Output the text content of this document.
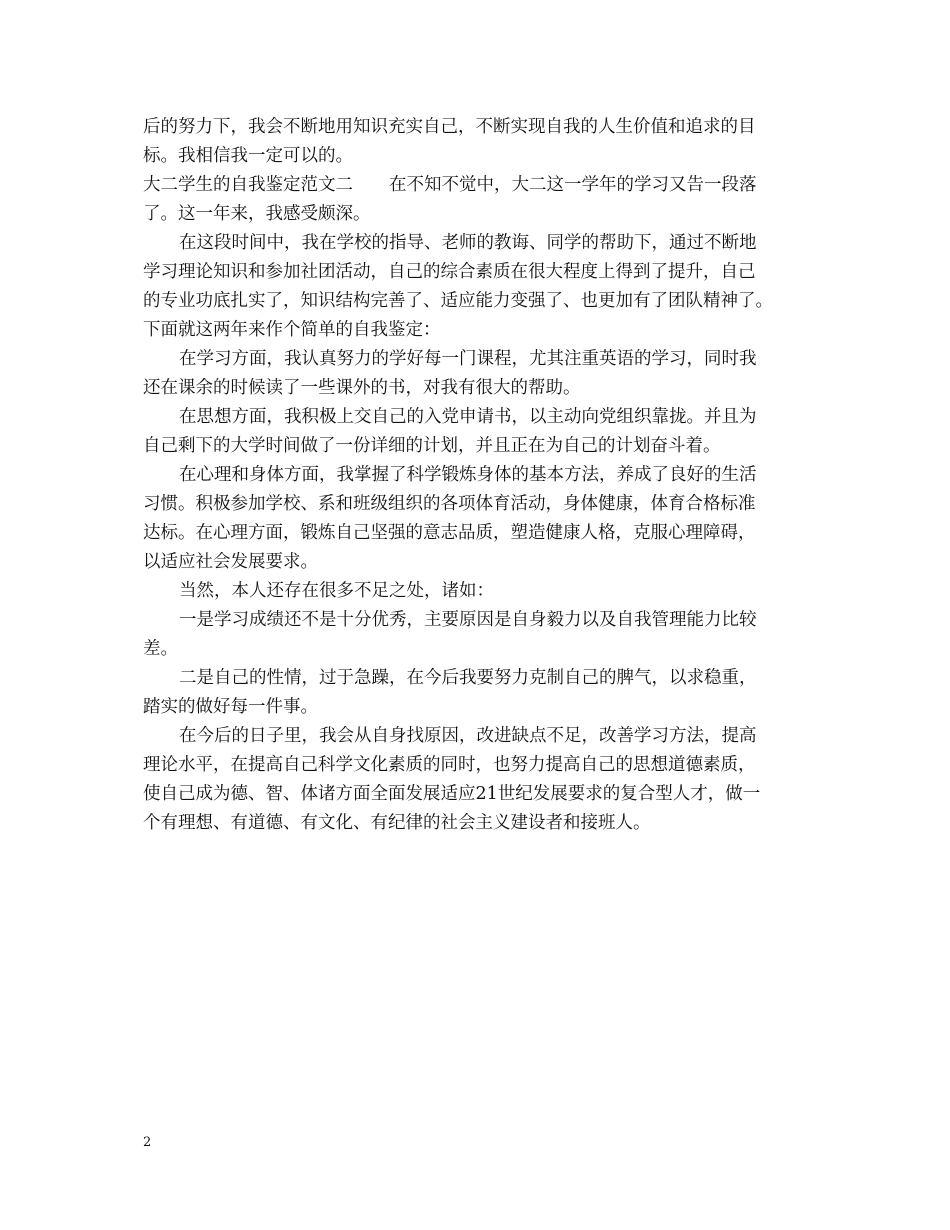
后的努力下，我会不断地用知识充实自己，不断实现自我的人生价值和追求的目
标。我相信我一定可以的。
大二学生的自我鉴定范文二 在不知不觉中，大二这一学年的学习又告一段落
了。这一年来，我感受颇深。
在这段时间中，我在学校的指导、老师的教诲、同学的帮助下，通过不断地
学习理论知识和参加社团活动，自己的综合素质在很大程度上得到了提升，自己
的专业功底扎实了，知识结构完善了、适应能力变强了、也更加有了团队精神了。
下面就这两年来作个简单的自我鉴定：
在学习方面，我认真努力的学好每一门课程，尤其注重英语的学习，同时我
还在课余的时候读了一些课外的书，对我有很大的帮助。
在思想方面，我积极上交自己的入党申请书，以主动向党组织靠拢。并且为
自己剩下的大学时间做了一份详细的计划，并且正在为自己的计划奋斗着。
在心理和身体方面，我掌握了科学锻炼身体的基本方法，养成了良好的生活
习惯。积极参加学校、系和班级组织的各项体育活动，身体健康，体育合格标准
达标。在心理方面，锻炼自己坚强的意志品质，塑造健康人格，克服心理障碍，
以适应社会发展要求。
当然，本人还存在很多不足之处，诸如：
一是学习成绩还不是十分优秀，主要原因是自身毅力以及自我管理能力比较
差。
二是自己的性情，过于急躁，在今后我要努力克制自己的脾气，以求稳重，
踏实的做好每一件事。
在今后的日子里，我会从自身找原因，改进缺点不足，改善学习方法，提高
理论水平，在提高自己科学文化素质的同时，也努力提高自己的思想道德素质，
使自己成为德、智、体诸方面全面发展适应21世纪发展要求的复合型人才，做一
个有理想、有道德、有文化、有纪律的社会主义建设者和接班人。
2
